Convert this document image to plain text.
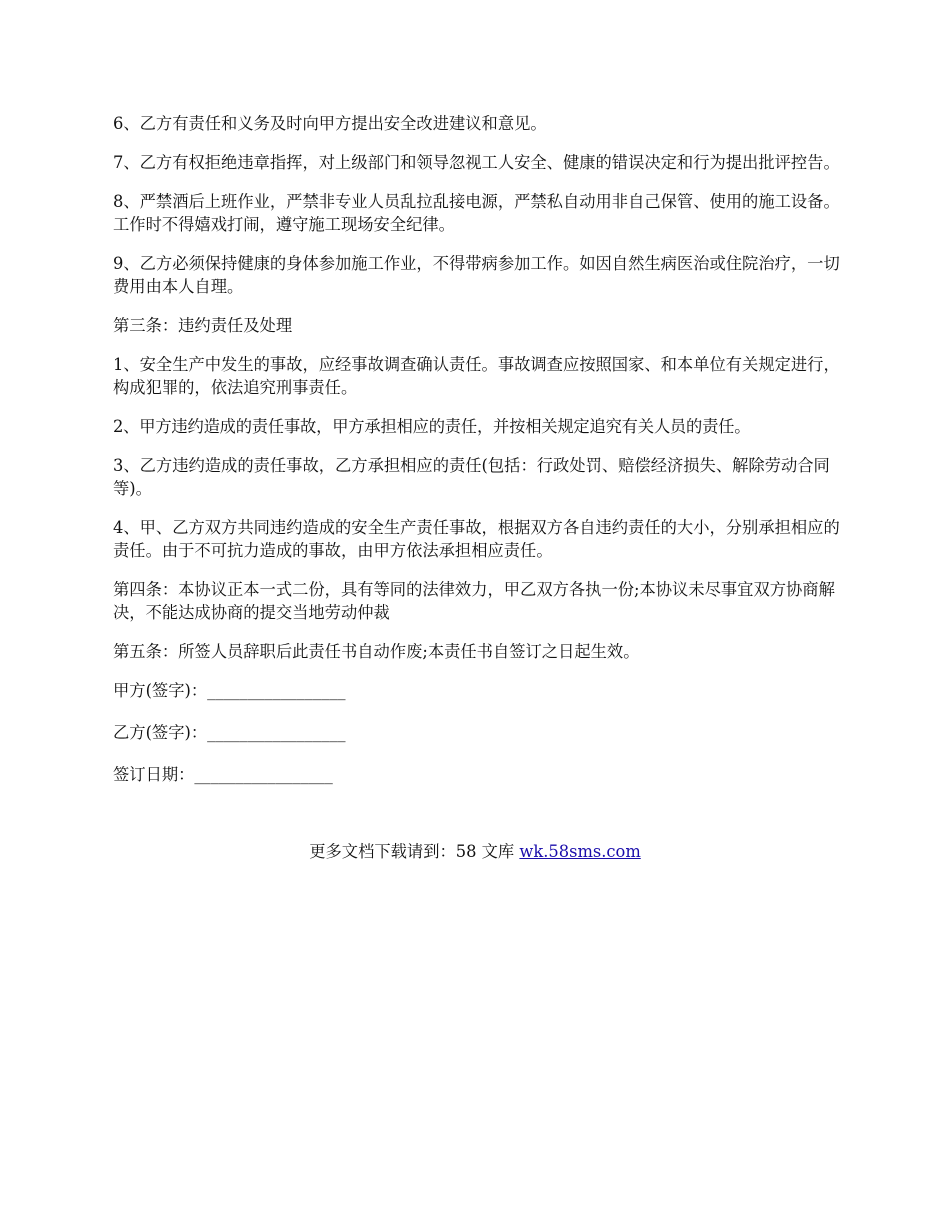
6、乙方有责任和义务及时向甲方提出安全改进建议和意见。

7、乙方有权拒绝违章指挥，对上级部门和领导忽视工人安全、健康的错误决定和行为提出批评控告。

8、严禁酒后上班作业，严禁非专业人员乱拉乱接电源，严禁私自动用非自己保管、使用的施工设备。工作时不得嬉戏打闹，遵守施工现场安全纪律。

9、乙方必须保持健康的身体参加施工作业，不得带病参加工作。如因自然生病医治或住院治疗，一切费用由本人自理。

第三条：违约责任及处理

1、安全生产中发生的事故，应经事故调查确认责任。事故调查应按照国家、和本单位有关规定进行，构成犯罪的，依法追究刑事责任。

2、甲方违约造成的责任事故，甲方承担相应的责任，并按相关规定追究有关人员的责任。

3、乙方违约造成的责任事故，乙方承担相应的责任(包括：行政处罚、赔偿经济损失、解除劳动合同等)。

4、甲、乙方双方共同违约造成的安全生产责任事故，根据双方各自违约责任的大小，分别承担相应的责任。由于不可抗力造成的事故，由甲方依法承担相应责任。

第四条：本协议正本一式二份，具有等同的法律效力，甲乙双方各执一份;本协议未尽事宜双方协商解决，不能达成协商的提交当地劳动仲裁

第五条：所签人员辞职后此责任书自动作废;本责任书自签订之日起生效。

甲方(签字)：_________________

乙方(签字)：_________________

签订日期：_________________

更多文档下载请到：58 文库 wk.58sms.com
